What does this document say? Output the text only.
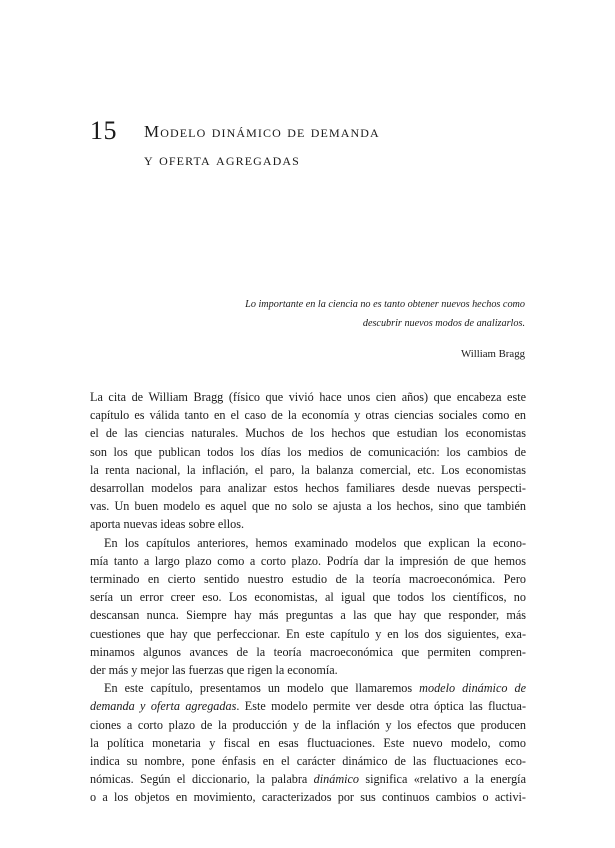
15 Modelo dinámico de demanda
y oferta agregadas
Lo importante en la ciencia no es tanto obtener nuevos hechos como
descubrir nuevos modos de analizarlos.
William Bragg
La cita de William Bragg (físico que vivió hace unos cien años) que encabeza este
capítulo es válida tanto en el caso de la economía y otras ciencias sociales como en
el de las ciencias naturales. Muchos de los hechos que estudian los economistas
son los que publican todos los días los medios de comunicación: los cambios de
la renta nacional, la inflación, el paro, la balanza comercial, etc. Los economistas
desarrollan modelos para analizar estos hechos familiares desde nuevas perspecti-
vas. Un buen modelo es aquel que no solo se ajusta a los hechos, sino que también
aporta nuevas ideas sobre ellos.
En los capítulos anteriores, hemos examinado modelos que explican la econo-
mía tanto a largo plazo como a corto plazo. Podría dar la impresión de que hemos
terminado en cierto sentido nuestro estudio de la teoría macroeconómica. Pero
sería un error creer eso. Los economistas, al igual que todos los científicos, no
descansan nunca. Siempre hay más preguntas a las que hay que responder, más
cuestiones que hay que perfeccionar. En este capítulo y en los dos siguientes, exa-
minamos algunos avances de la teoría macroeconómica que permiten compren-
der más y mejor las fuerzas que rigen la economía.
En este capítulo, presentamos un modelo que llamaremos modelo dinámico de
demanda y oferta agregadas. Este modelo permite ver desde otra óptica las fluctua-
ciones a corto plazo de la producción y de la inflación y los efectos que producen
la política monetaria y fiscal en esas fluctuaciones. Este nuevo modelo, como
indica su nombre, pone énfasis en el carácter dinámico de las fluctuaciones eco-
nómicas. Según el diccionario, la palabra dinámico significa «relativo a la energía
o a los objetos en movimiento, caracterizados por sus continuos cambios o activi-
